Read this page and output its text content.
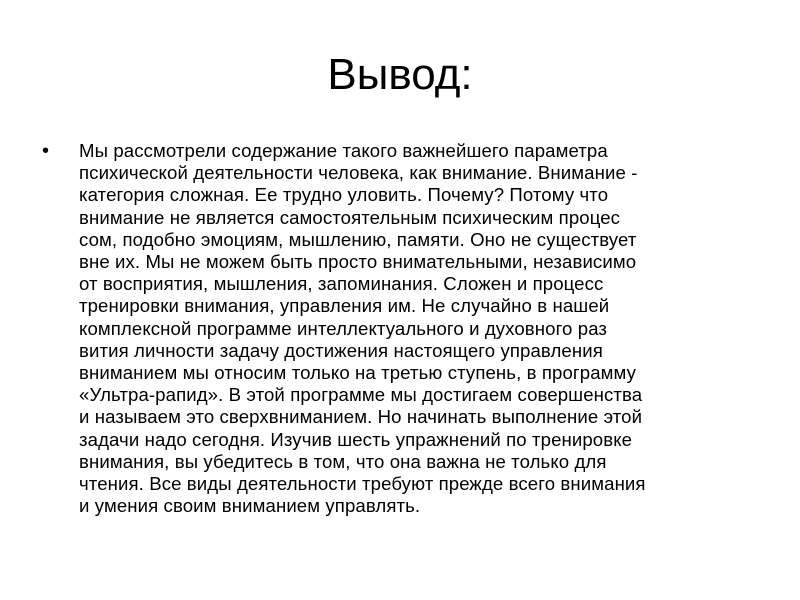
Вывод:
• Мы рассмотрели содержание такого важнейшего параметра
психической деятельности человека, как внимание. Внимание -
категория сложная. Ее трудно уловить. Почему? Потому что
внимание не является самостоятельным психическим процес
сом, подобно эмоциям, мышлению, памяти. Оно не существует
вне их. Мы не можем быть просто внимательными, независимо
от восприятия, мышления, запоминания. Сложен и процесс
тренировки внимания, управления им. Не случайно в нашей
комплексной программе интеллектуального и духовного раз
вития личности задачу достижения настоящего управления
вниманием мы относим только на третью ступень, в программу
«Ультра-рапид». В этой программе мы достигаем совершенства
и называем это сверхвниманием. Но начинать выполнение этой
задачи надо сегодня. Изучив шесть упражнений по тренировке
внимания, вы убедитесь в том, что она важна не только для
чтения. Все виды деятельности требуют прежде всего внимания
и умения своим вниманием управлять.
